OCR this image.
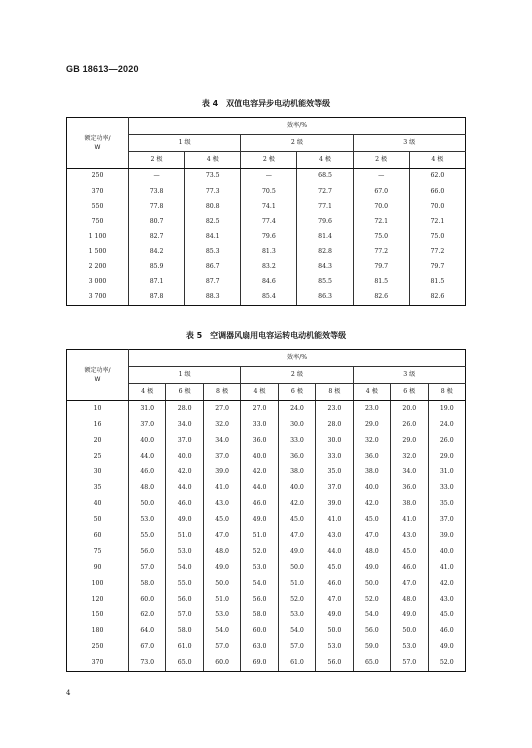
GB 18613—2020
表 4　双值电容异步电动机能效等级
额定功率/
W	效率/%					
	1 级		2 级		3 级	
	2 极	4 极	2 极	4 极	2 极	4 极
250	—	73.5	—	68.5	—	62.0
370	73.8	77.3	70.5	72.7	67.0	66.0
550	77.8	80.8	74.1	77.1	70.0	70.0
750	80.7	82.5	77.4	79.6	72.1	72.1
1 100	82.7	84.1	79.6	81.4	75.0	75.0
1 500	84.2	85.3	81.3	82.8	77.2	77.2
2 200	85.9	86.7	83.2	84.3	79.7	79.7
3 000	87.1	87.7	84.6	85.5	81.5	81.5
3 700	87.8	88.3	85.4	86.3	82.6	82.6
表 5　空调器风扇用电容运转电动机能效等级
额定功率/
W	效率/%								
	1 级			2 级			3 级		
	4 极	6 极	8 极	4 极	6 极	8 极	4 极	6 极	8 极
10	31.0	28.0	27.0	27.0	24.0	23.0	23.0	20.0	19.0
16	37.0	34.0	32.0	33.0	30.0	28.0	29.0	26.0	24.0
20	40.0	37.0	34.0	36.0	33.0	30.0	32.0	29.0	26.0
25	44.0	40.0	37.0	40.0	36.0	33.0	36.0	32.0	29.0
30	46.0	42.0	39.0	42.0	38.0	35.0	38.0	34.0	31.0
35	48.0	44.0	41.0	44.0	40.0	37.0	40.0	36.0	33.0
40	50.0	46.0	43.0	46.0	42.0	39.0	42.0	38.0	35.0
50	53.0	49.0	45.0	49.0	45.0	41.0	45.0	41.0	37.0
60	55.0	51.0	47.0	51.0	47.0	43.0	47.0	43.0	39.0
75	56.0	53.0	48.0	52.0	49.0	44.0	48.0	45.0	40.0
90	57.0	54.0	49.0	53.0	50.0	45.0	49.0	46.0	41.0
100	58.0	55.0	50.0	54.0	51.0	46.0	50.0	47.0	42.0
120	60.0	56.0	51.0	56.0	52.0	47.0	52.0	48.0	43.0
150	62.0	57.0	53.0	58.0	53.0	49.0	54.0	49.0	45.0
180	64.0	58.0	54.0	60.0	54.0	50.0	56.0	50.0	46.0
250	67.0	61.0	57.0	63.0	57.0	53.0	59.0	53.0	49.0
370	73.0	65.0	60.0	69.0	61.0	56.0	65.0	57.0	52.0
4
